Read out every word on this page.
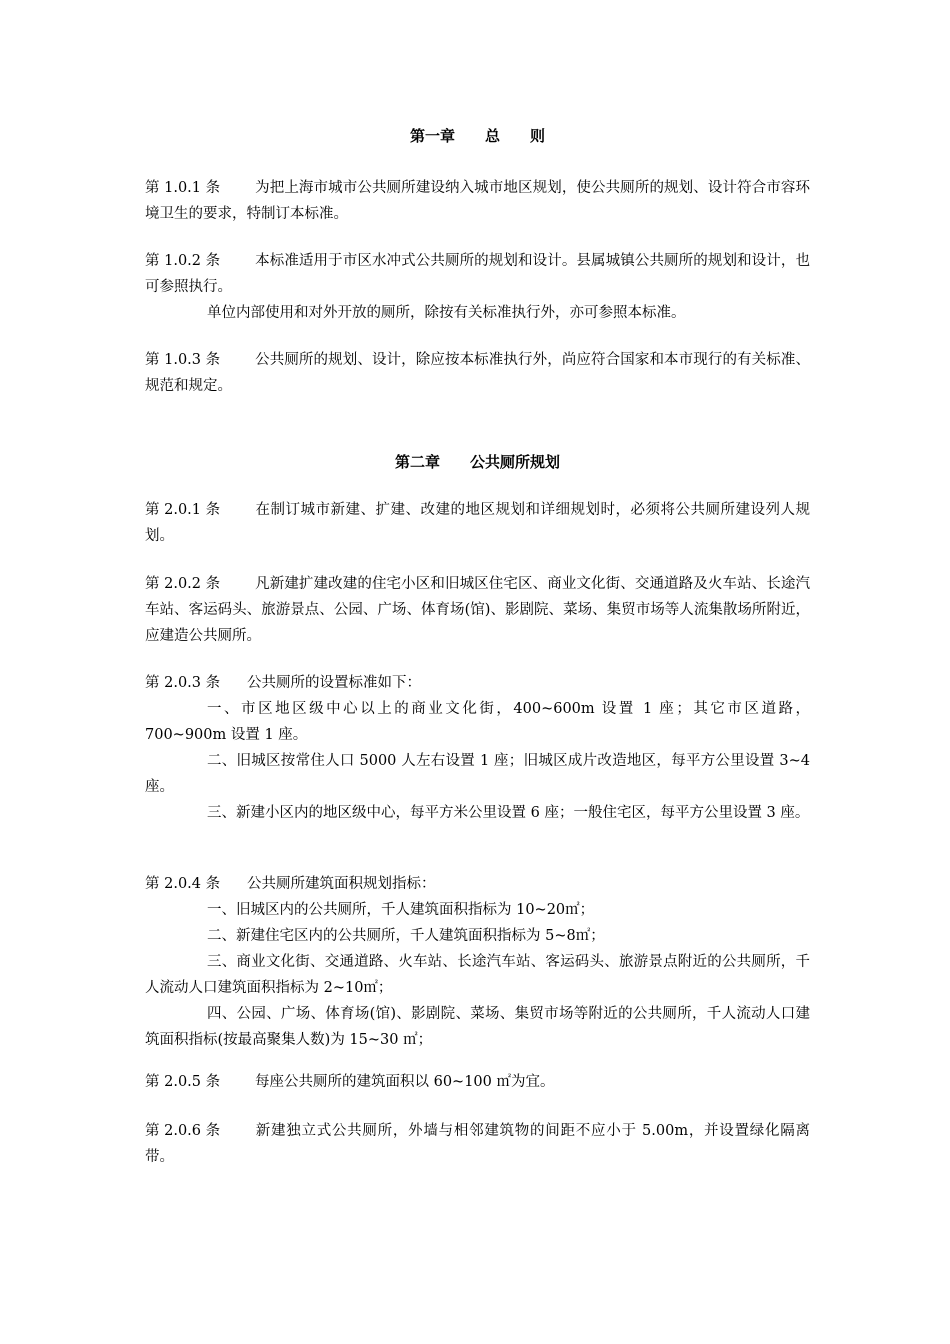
第一章　　总　　则

第 1.0.1 条 为把上海市城市公共厕所建设纳入城市地区规划，使公共厕所的规划、设计符合市容环境卫生的要求，特制订本标准。

第 1.0.2 条 本标准适用于市区水冲式公共厕所的规划和设计。县属城镇公共厕所的规划和设计，也可参照执行。

单位内部使用和对外开放的厕所，除按有关标准执行外，亦可参照本标准。

第 1.0.3 条 公共厕所的规划、设计，除应按本标准执行外，尚应符合国家和本市现行的有关标准、规范和规定。

第二章　　公共厕所规划

第 2.0.1 条 在制订城市新建、扩建、改建的地区规划和详细规划时，必须将公共厕所建设列人规划。

第 2.0.2 条 凡新建扩建改建的住宅小区和旧城区住宅区、商业文化街、交通道路及火车站、长途汽车站、客运码头、旅游景点、公园、广场、体育场(馆)、影剧院、菜场、集贸市场等人流集散场所附近，应建造公共厕所。

第 2.0.3 条 公共厕所的设置标准如下：

一、市区地区级中心以上的商业文化街，400~600m 设置 1 座；其它市区道路，700~900m 设置 1 座。

二、旧城区按常住人口 5000 人左右设置 1 座；旧城区成片改造地区，每平方公里设置 3~4 座。

三、新建小区内的地区级中心，每平方米公里设置 6 座；一般住宅区，每平方公里设置 3 座。

第 2.0.4 条 公共厕所建筑面积规划指标：

一、旧城区内的公共厕所，千人建筑面积指标为 10~20㎡；

二、新建住宅区内的公共厕所，千人建筑面积指标为 5~8㎡；

三、商业文化街、交通道路、火车站、长途汽车站、客运码头、旅游景点附近的公共厕所，千人流动人口建筑面积指标为 2~10㎡；

四、公园、广场、体育场(馆)、影剧院、菜场、集贸市场等附近的公共厕所，千人流动人口建筑面积指标(按最高聚集人数)为 15~30 ㎡；

第 2.0.5 条 每座公共厕所的建筑面积以 60~100 ㎡为宜。

第 2.0.6 条 新建独立式公共厕所，外墙与相邻建筑物的间距不应小于 5.00m，并设置绿化隔离带。
